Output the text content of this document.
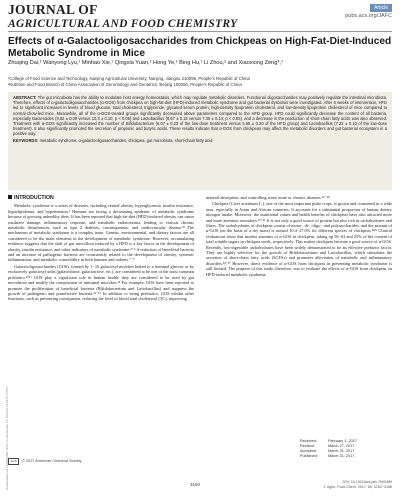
JOURNAL OF
AGRICULTURAL AND FOOD CHEMISTRY
Article
pubs.acs.org/JAFC
Effects of α-Galactooligosaccharides from Chickpeas on High-Fat-Diet-Induced Metabolic Syndrome in Mice
Zhuqing Dai,¹ Wanyong Lyu,¹ Minhao Xie,¹ Qingxia Yuan,¹ Hong Ye,¹ Bing Hu,¹ Li Zhou,² and Xiaoxiong Zeng*,¹
¹College of Food Science and Technology, Nanjing Agricultural University, Nanjing, Jiangsu 210095, People’s Republic of China
²Nutrition and Food Branch of China Association of Gerontology and Geriatrics, Beijing 100050, People’s Republic of China
ABSTRACT: The gut microbiota has the ability to modulate host energy homeostasis, which may regulate metabolic disorders. Functional oligosaccharides may positively regulate the intestinal microbiota. Therefore, effects of α-galactooligosaccharides (α-GOS) from chickpea on high-fat-diet (HFD)-induced metabolic syndrome and gut bacterial dysbiosis were investigated. After 6 weeks of intervention, HFD led to significant increases in levels of blood glucose, total cholesterol, triglyceride, glycated serum protein, high-density lipoprotein cholesterol, and low-density lipoprotein cholesterol of mice compared to normal-chow-fed mice. Meanwhile, all of the α-GOS-treated groups significantly decreased above parameters compared to the HFD group. HFD could significantly decrease the content of all bacteria, especially Bacteroides (9.82 ± 0.09 versus 10.3 ± 0.10; p < 0.05) and Lactobacillus (6.67 ± 0.15 versus 7.30 ± 0.14; p < 0.05), and a decrease in the production of short-chain fatty acids was also observed. Treatment with α-GOS significantly increased the number of Bifidobacterium (6.07 ± 0.23 of the low-dose treatment versus 5.65 ± 0.20 of the HFD group) and Lactobacillus (7.22 ± 0.10 of the low-dose treatment). It also significantly promoted the secretion of propionic and butyric acids. These results indicate that α-GOS from chickpeas may affect the metabolic disorders and gut bacterial ecosystem in a positive way.
KEYWORDS: metabolic syndrome, α-galactooligosaccharides, chickpea, gut microbiota, short-chain fatty acid
INTRODUCTION

Metabolic syndrome is a series of diseases, including central obesity, hyperglycemia, insulin resistance, hyperlipidemia, and hypertension.¹ Humans are facing a devastating epidemic of metabolic syndrome because of growing unhealthy diets. It has been reported that high-fat-diet (HFD)-induced obesity can cause oxidative damage, inflammatory response, and metabolic endotoxemia, leading to various chronic metabolic disturbances, such as type 2 diabetes, carcinogenesis, and cardiovascular disease.²³ The mechanism of metabolic syndrome is a complex issue. Genetic, environmental, and dietary factors are all considered to be the main elements in the development of metabolic syndrome. However, accumulating evidence suggests that the shift of gut microflora induced by a HFD is a key factor in the development of obesity, insulin resistance, and other indicators of metabolic syndrome.⁴⁻⁶ A reduction of beneficial bacteria and an increase of pathogenic bacteria are consistently related to the development of obesity, systemic inflammation, and metabolic comorbidity in both humans and rodents.⁷⁻⁹

Galactooligosaccharides (GOS), formed by 1−10 galactosyl moieties linked to a terminal glucose or by exclusively galactosyl units (galactobiose, galactotriose, etc.), are considered to be one of the most common prebiotics.¹⁰¹¹ GOS play a significant role in human health; they are considered to be used by gut microbiota and modify the composition of intestinal microbes.¹² For example, GOS have been reported to promote the proliferation of beneficial bacteria (Bifidobacterium and Lactobacillus) and suppress the growth of pathogenic and putrefactive bacteria.¹³⁻¹⁵ In addition to being prebiotics, GOS exhibit other functions, such as preventing constipation, reducing the level of blood total cholesterol (TC), improving

mineral absorption, and controlling some acute or chronic diseases.¹⁶⁻¹⁸

Chickpea (Cicer arietinum L.), one of the most important pulse crops, is grown and consumed in a wide area, especially in Asian and African countries. It accounts for a substantial proportion of human dietary nitrogen intake. Moreover, the nutritional values and health benefits of chickpeas have also attracted more and more attention nowadays.¹⁹⁻²¹ It is not only a good source of protein but also rich in carbohydrates and fibers. The carbohydrates of chickpeas consist of mono-, di-, oligo-, and polysaccharides, and the amount of α-GOS (on the basis of a dry mass) is around 10.4−27.0% for different species of chickpeas.²²²³ Clinical evaluations show that modest amounts of α-GOS in chickpeas, taking up 58−63 and 25% of the content of total soluble sugars in chickpea seeds, respectively. This makes chickpeas become a good source of α-GOS. Recently, low-digestible carbohydrates have been widely demonstrated to be an effective prebiotic factor. They are highly selective for the growth of Bifidobacterium and Lactobacillus, which stimulates the secretion of short-chain fatty acids (SCFAs) and promotes alleviation of metabolic and inflammatory disorders.²⁴⁻²⁷ However, direct evidence of α-GOS from chickpeas in preventing metabolic syndrome is still limited. The purpose of this study, therefore, was to evaluate the effects of α-GOS from chickpeas on HFD-induced metabolic syndrome.

Received:	February 1, 2017
Revised:	March 27, 2017
Accepted:	March 31, 2017
Published:	March 31, 2017
ACS	© 2017 American Chemical Society
3160	DOI: 10.1021/acs.jafc.7b00489
J. Agric. Food Chem. 2017, 65, 3160−3166
Downloaded via LINKOPING UNIV on September 26, 2019 at 14:52:57 (UTC).
